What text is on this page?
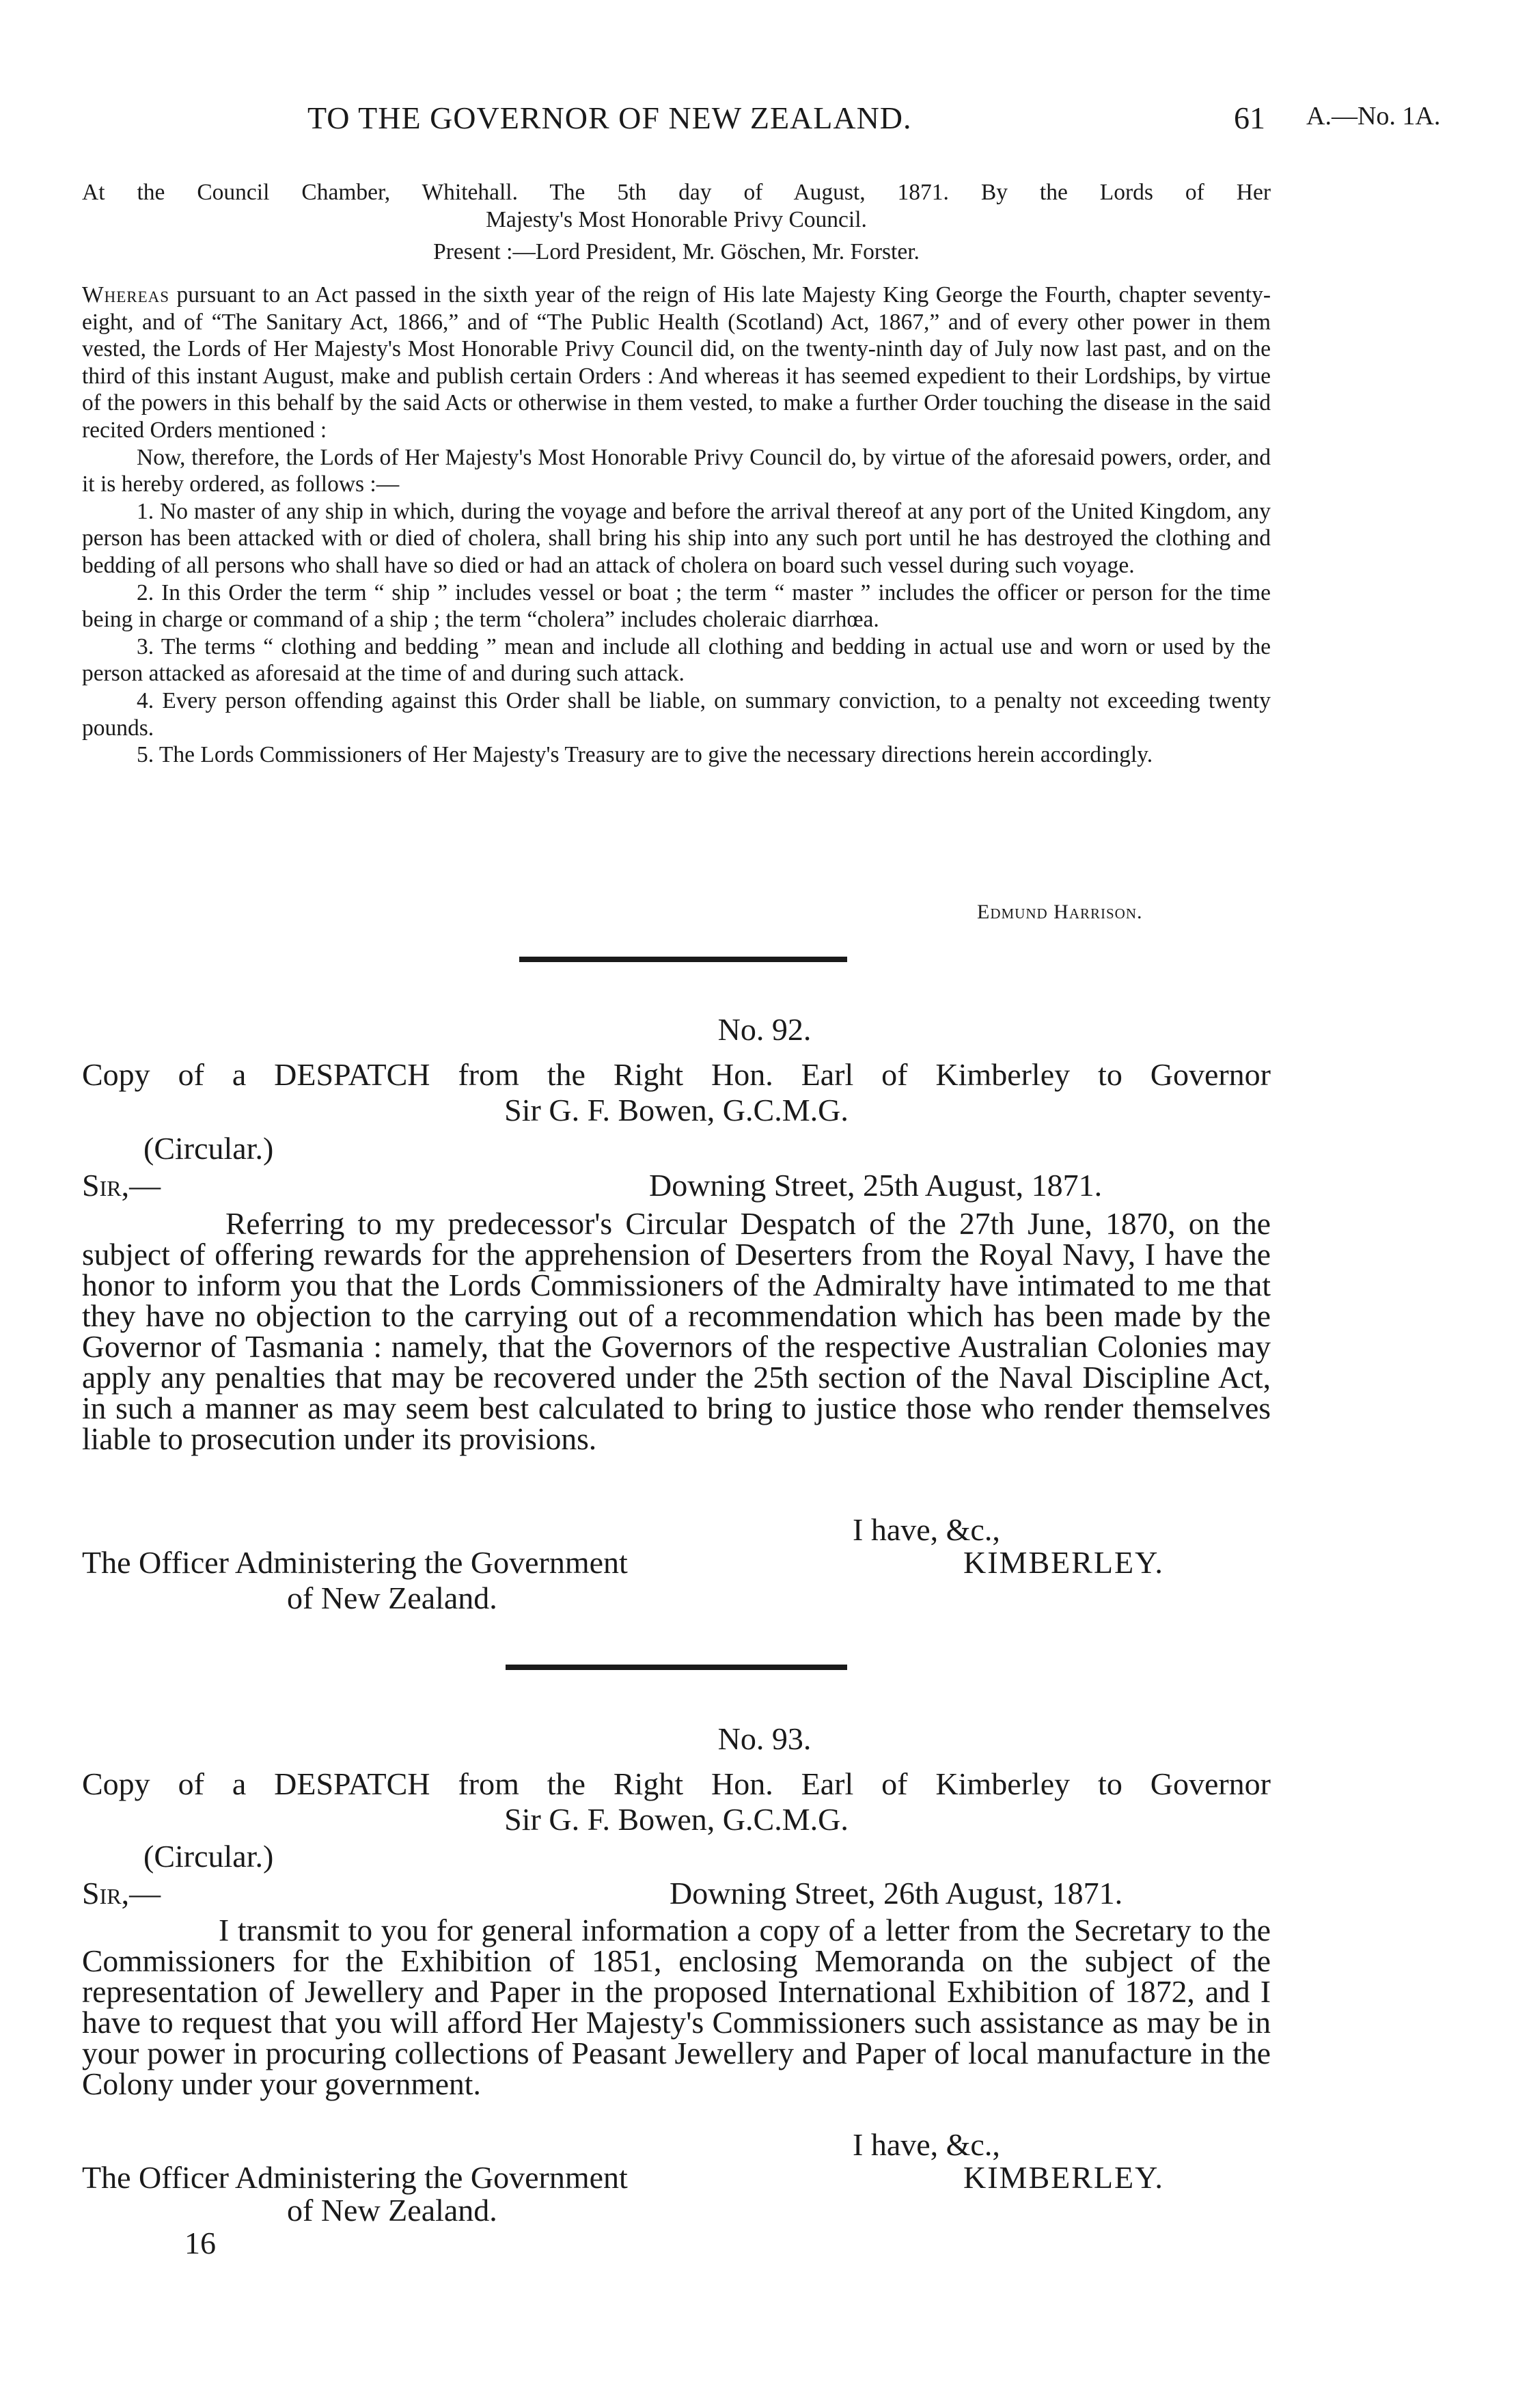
TO THE GOVERNOR OF NEW ZEALAND.	61 A.—No. 1A.
At the Council Chamber, Whitehall. The 5th day of August, 1871. By the Lords of Her
Majesty's Most Honorable Privy Council.
Present :—Lord President, Mr. Göschen, Mr. Forster.

Whereas pursuant to an Act passed in the sixth year of the reign of His late Majesty King George the Fourth, chapter seventy-eight, and of “The Sanitary Act, 1866,” and of “The Public Health (Scotland) Act, 1867,” and of every other power in them vested, the Lords of Her Majesty's Most Honorable Privy Council did, on the twenty-ninth day of July now last past, and on the third of this instant August, make and publish certain Orders : And whereas it has seemed expedient to their Lordships, by virtue of the powers in this behalf by the said Acts or otherwise in them vested, to make a further Order touching the disease in the said recited Orders mentioned :

Now, therefore, the Lords of Her Majesty's Most Honorable Privy Council do, by virtue of the aforesaid powers, order, and it is hereby ordered, as follows :—

1. No master of any ship in which, during the voyage and before the arrival thereof at any port of the United Kingdom, any person has been attacked with or died of cholera, shall bring his ship into any such port until he has destroyed the clothing and bedding of all persons who shall have so died or had an attack of cholera on board such vessel during such voyage.

2. In this Order the term “ ship ” includes vessel or boat ; the term “ master ” includes the officer or person for the time being in charge or command of a ship ; the term “cholera” includes choleraic diarrhœa.

3. The terms “ clothing and bedding ” mean and include all clothing and bedding in actual use and worn or used by the person attacked as aforesaid at the time of and during such attack.

4. Every person offending against this Order shall be liable, on summary conviction, to a penalty not exceeding twenty pounds.

5. The Lords Commissioners of Her Majesty's Treasury are to give the necessary directions herein accordingly.

Edmund Harrison.
No. 92.
Copy of a DESPATCH from the Right Hon. Earl of Kimberley to Governor
Sir G. F. Bowen, G.C.M.G.
(Circular.)
Sir,—	Downing Street, 25th August, 1871.
Referring to my predecessor's Circular Despatch of the 27th June, 1870, on the subject of offering rewards for the apprehension of Deserters from the Royal Navy, I have the honor to inform you that the Lords Commissioners of the Admiralty have intimated to me that they have no objection to the carrying out of a recommendation which has been made by the Governor of Tasmania : namely, that the Governors of the respective Australian Colonies may apply any penalties that may be recovered under the 25th section of the Naval Discipline Act, in such a manner as may seem best calculated to bring to justice those who render themselves liable to prosecution under its provisions.
I have, &c.,
The Officer Administering the Government	KIMBERLEY.
of New Zealand.
No. 93.
Copy of a DESPATCH from the Right Hon. Earl of Kimberley to Governor
Sir G. F. Bowen, G.C.M.G.
(Circular.)
Sir,—	Downing Street, 26th August, 1871.
I transmit to you for general information a copy of a letter from the Secretary to the Commissioners for the Exhibition of 1851, enclosing Memoranda on the subject of the representation of Jewellery and Paper in the proposed International Exhibition of 1872, and I have to request that you will afford Her Majesty's Commissioners such assistance as may be in your power in procuring collections of Peasant Jewellery and Paper of local manufacture in the Colony under your government.
I have, &c.,
The Officer Administering the Government	KIMBERLEY.
of New Zealand.
16
